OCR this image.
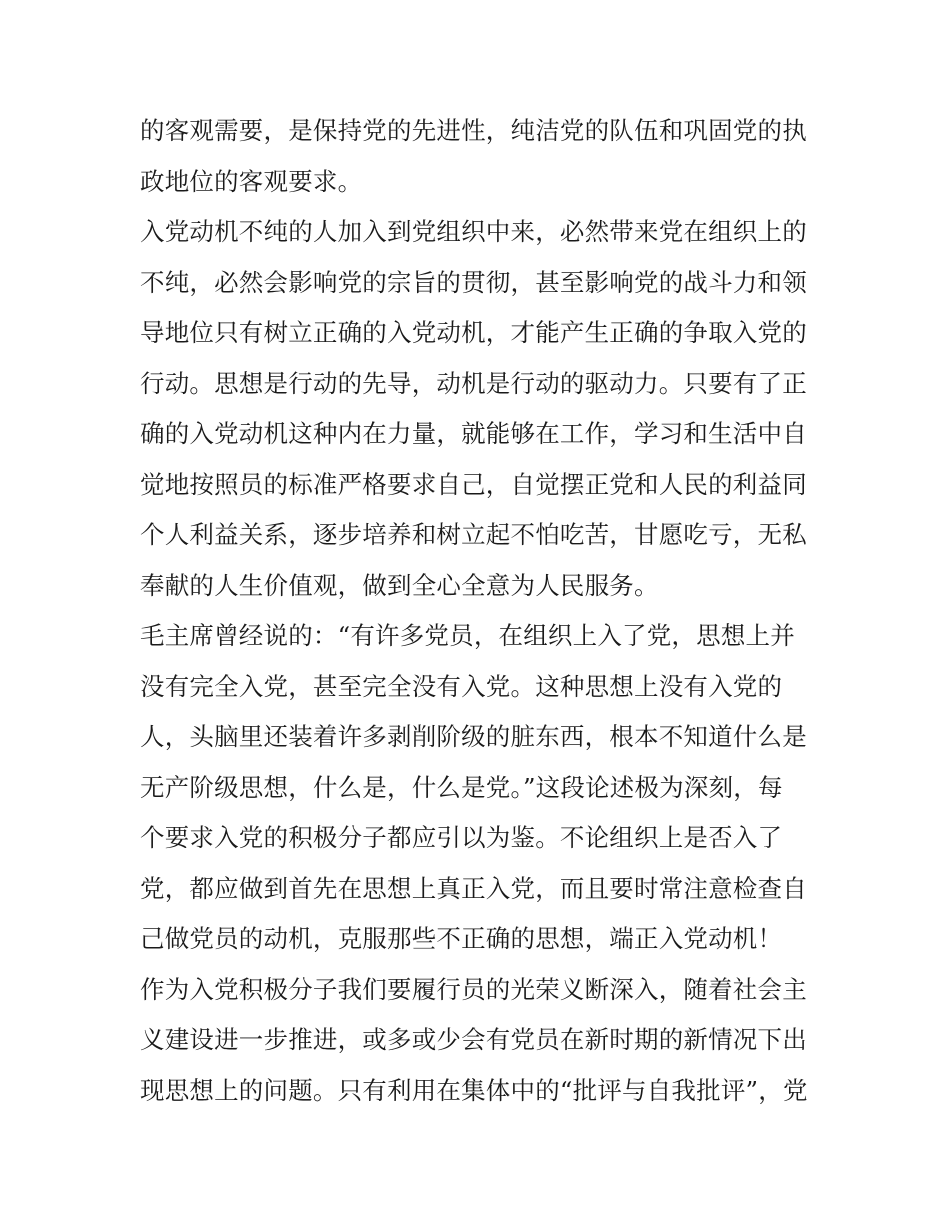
的客观需要，是保持党的先进性，纯洁党的队伍和巩固党的执
政地位的客观要求。
入党动机不纯的人加入到党组织中来，必然带来党在组织上的
不纯，必然会影响党的宗旨的贯彻，甚至影响党的战斗力和领
导地位只有树立正确的入党动机，才能产生正确的争取入党的
行动。思想是行动的先导，动机是行动的驱动力。只要有了正
确的入党动机这种内在力量，就能够在工作，学习和生活中自
觉地按照员的标准严格要求自己，自觉摆正党和人民的利益同
个人利益关系，逐步培养和树立起不怕吃苦，甘愿吃亏，无私
奉献的人生价值观，做到全心全意为人民服务。
毛主席曾经说的：“有许多党员，在组织上入了党，思想上并
没有完全入党，甚至完全没有入党。这种思想上没有入党的
人，头脑里还装着许多剥削阶级的脏东西，根本不知道什么是
无产阶级思想，什么是，什么是党。”这段论述极为深刻，每
个要求入党的积极分子都应引以为鉴。不论组织上是否入了
党，都应做到首先在思想上真正入党，而且要时常注意检查自
己做党员的动机，克服那些不正确的思想，端正入党动机！
作为入党积极分子我们要履行员的光荣义断深入，随着社会主
义建设进一步推进，或多或少会有党员在新时期的新情况下出
现思想上的问题。只有利用在集体中的“批评与自我批评”，党
